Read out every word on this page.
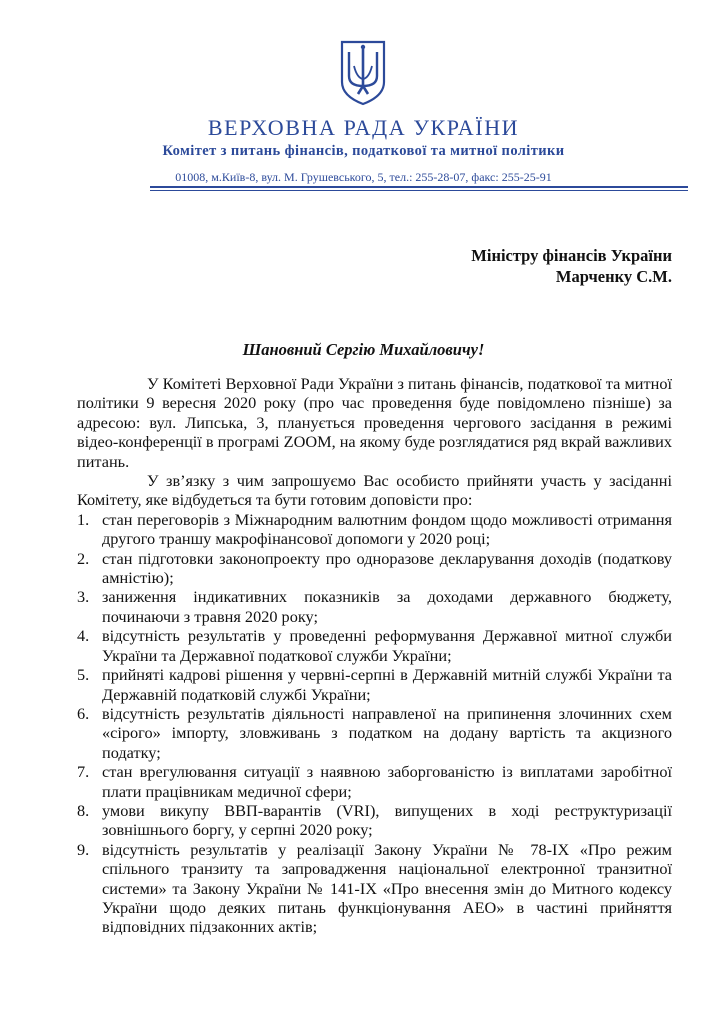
ВЕРХОВНА РАДА УКРАЇНИ
Комітет з питань фінансів, податкової та митної політики
01008, м.Київ-8, вул. М. Грушевського, 5, тел.: 255-28-07, факс: 255-25-91
Міністру фінансів України
Марченку С.М.
Шановний Сергію Михайловичу!

У Комітеті Верховної Ради України з питань фінансів, податкової та митної політики 9 вересня 2020 року (про час проведення буде повідомлено пізніше) за адресою: вул. Липська, 3, планується проведення чергового засідання в режимі відео-конференції в програмі ZOOM, на якому буде розглядатися ряд вкрай важливих питань.

У зв’язку з чим запрошуємо Вас особисто прийняти участь у засіданні Комітету, яке відбудеться та бути готовим доповісти про:

1. стан переговорів з Міжнародним валютним фондом щодо можливості отримання другого траншу макрофінансової допомоги у 2020 році;
2. стан підготовки законопроекту про одноразове декларування доходів (податкову амністію);
3. заниження індикативних показників за доходами державного бюджету, починаючи з травня 2020 року;
4. відсутність результатів у проведенні реформування Державної митної служби України та Державної податкової служби України;
5. прийняті кадрові рішення у червні-серпні в Державній митній службі України та Державній податковій службі України;
6. відсутність результатів діяльності направленої на припинення злочинних схем «сірого» імпорту, зловживань з податком на додану вартість та акцизного податку;
7. стан врегулювання ситуації з наявною заборгованістю із виплатами заробітної плати працівникам медичної сфери;
8. умови викупу ВВП-варантів (VRI), випущених в ході реструктуризації зовнішнього боргу, у серпні 2020 року;
9. відсутність результатів у реалізації Закону України № 78-IX «Про режим спільного транзиту та запровадження національної електронної транзитної системи» та Закону України № 141-IX «Про внесення змін до Митного кодексу України щодо деяких питань функціонування АЕО» в частині прийняття відповідних підзаконних актів;
